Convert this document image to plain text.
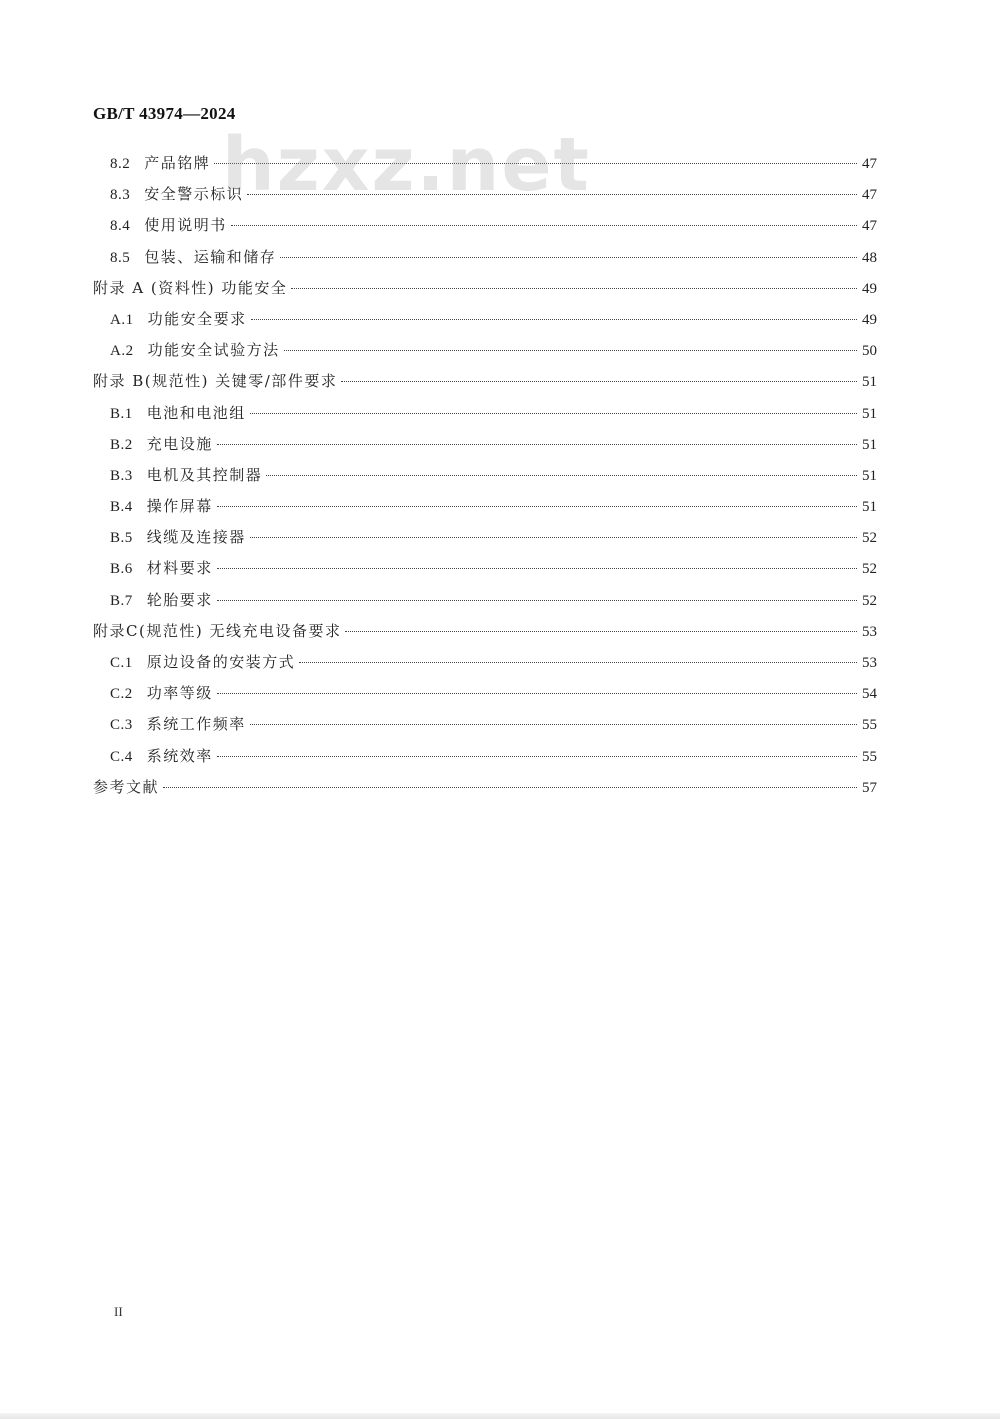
GB/T 43974—2024
hzxz.net
8.2 产品铭牌	47
8.3 安全警示标识	47
8.4 使用说明书	47
8.5 包装、运输和储存	48
附录 A (资料性) 功能安全	49
A.1 功能安全要求	49
A.2 功能安全试验方法	50
附录 B(规范性) 关键零/部件要求	51
B.1 电池和电池组	51
B.2 充电设施	51
B.3 电机及其控制器	51
B.4 操作屏幕	51
B.5 线缆及连接器	52
B.6 材料要求	52
B.7 轮胎要求	52
附录C(规范性) 无线充电设备要求	53
C.1 原边设备的安装方式	53
C.2 功率等级	54
C.3 系统工作频率	55
C.4 系统效率	55
参考文献	57
II
